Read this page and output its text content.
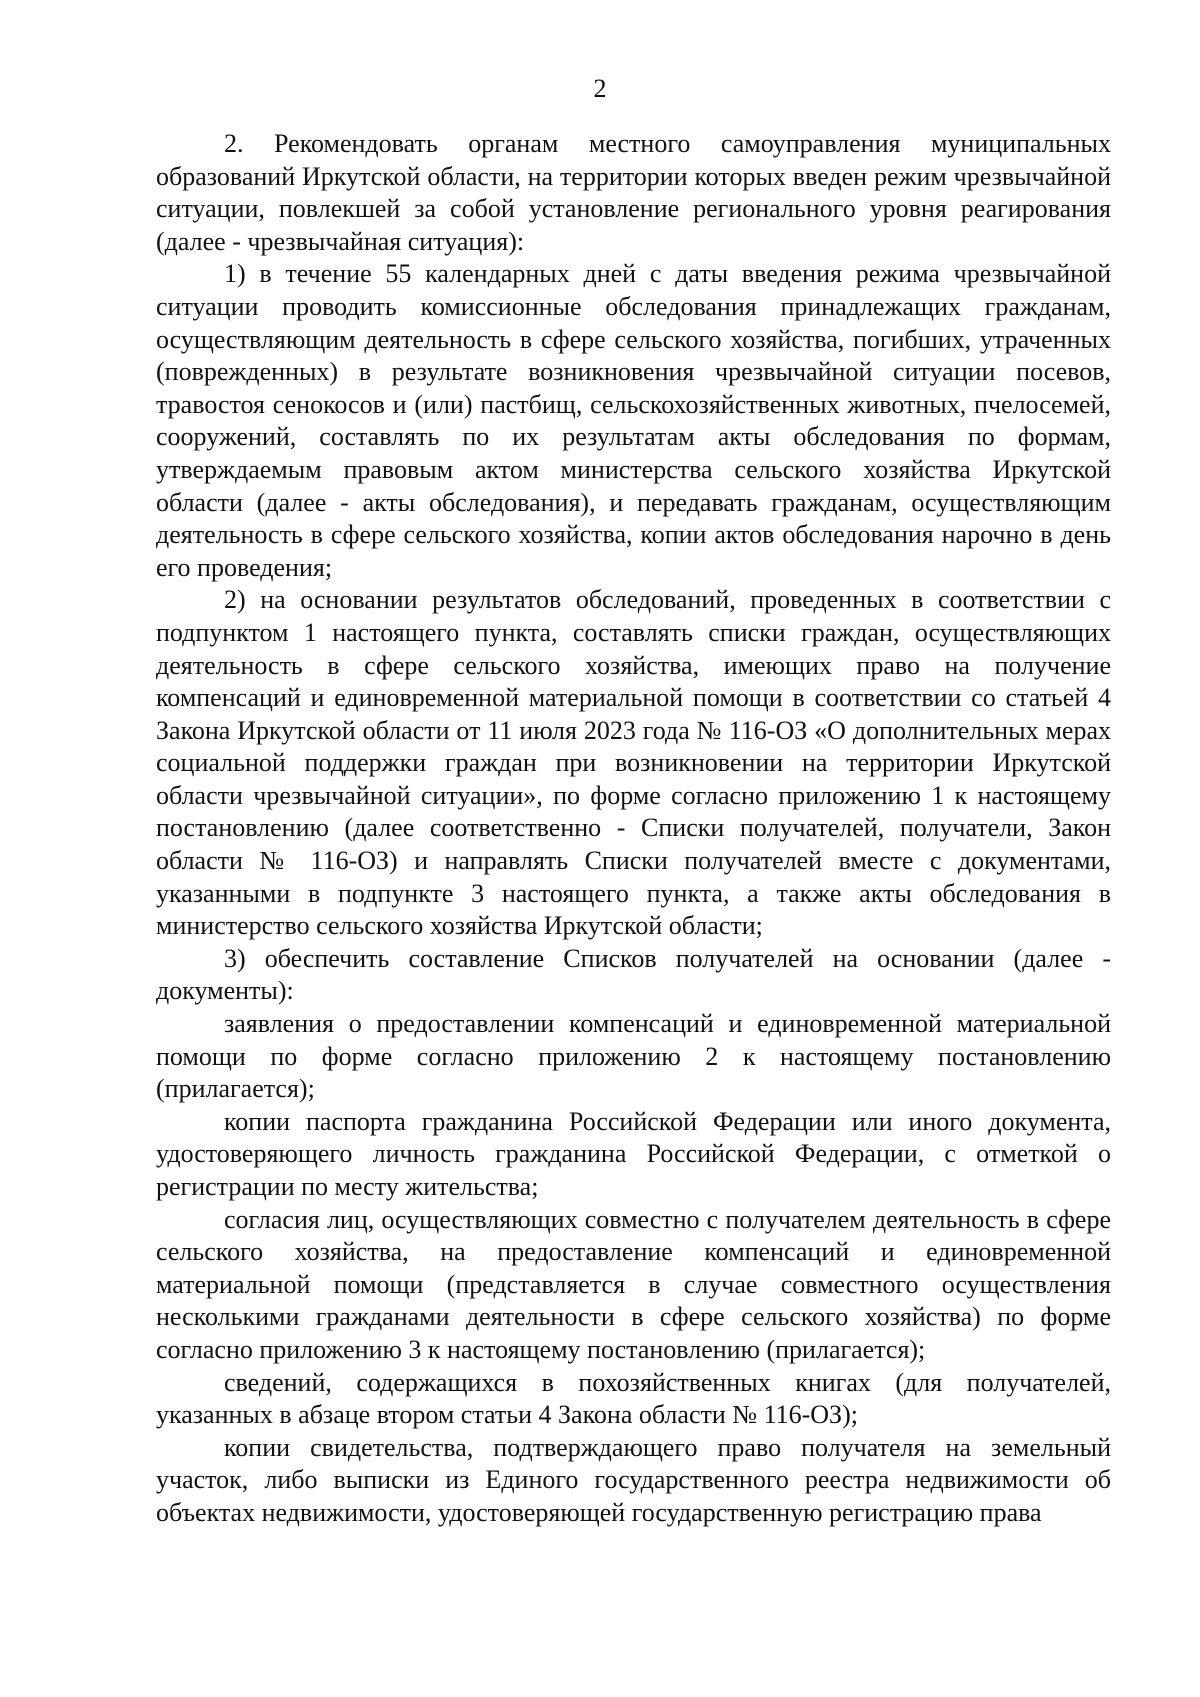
2

2. Рекомендовать органам местного самоуправления муниципальных образований Иркутской области, на территории которых введен режим чрезвычайной ситуации, повлекшей за собой установление регионального уровня реагирования (далее - чрезвычайная ситуация):

1) в течение 55 календарных дней с даты введения режима чрезвычайной ситуации проводить комиссионные обследования принадлежащих гражданам, осуществляющим деятельность в сфере сельского хозяйства, погибших, утраченных (поврежденных) в результате возникновения чрезвычайной ситуации посевов, травостоя сенокосов и (или) пастбищ, сельскохозяйственных животных, пчелосемей, сооружений, составлять по их результатам акты обследования по формам, утверждаемым правовым актом министерства сельского хозяйства Иркутской области (далее - акты обследования), и передавать гражданам, осуществляющим деятельность в сфере сельского хозяйства, копии актов обследования нарочно в день его проведения;

2) на основании результатов обследований, проведенных в соответствии с подпунктом 1 настоящего пункта, составлять списки граждан, осуществляющих деятельность в сфере сельского хозяйства, имеющих право на получение компенсаций и единовременной материальной помощи в соответствии со статьей 4 Закона Иркутской области от 11 июля 2023 года № 116-ОЗ «О дополнительных мерах социальной поддержки граждан при возникновении на территории Иркутской области чрезвычайной ситуации», по форме согласно приложению 1 к настоящему постановлению (далее соответственно - Списки получателей, получатели, Закон области № 116-ОЗ) и направлять Списки получателей вместе с документами, указанными в подпункте 3 настоящего пункта, а также акты обследования в министерство сельского хозяйства Иркутской области;

3) обеспечить составление Списков получателей на основании (далее - документы):

заявления о предоставлении компенсаций и единовременной материальной помощи по форме согласно приложению 2 к настоящему постановлению (прилагается);

копии паспорта гражданина Российской Федерации или иного документа, удостоверяющего личность гражданина Российской Федерации, с отметкой о регистрации по месту жительства;

согласия лиц, осуществляющих совместно с получателем деятельность в сфере сельского хозяйства, на предоставление компенсаций и единовременной материальной помощи (представляется в случае совместного осуществления несколькими гражданами деятельности в сфере сельского хозяйства) по форме согласно приложению 3 к настоящему постановлению (прилагается);

сведений, содержащихся в похозяйственных книгах (для получателей, указанных в абзаце втором статьи 4 Закона области № 116-ОЗ);

копии свидетельства, подтверждающего право получателя на земельный участок, либо выписки из Единого государственного реестра недвижимости об объектах недвижимости, удостоверяющей государственную регистрацию права
